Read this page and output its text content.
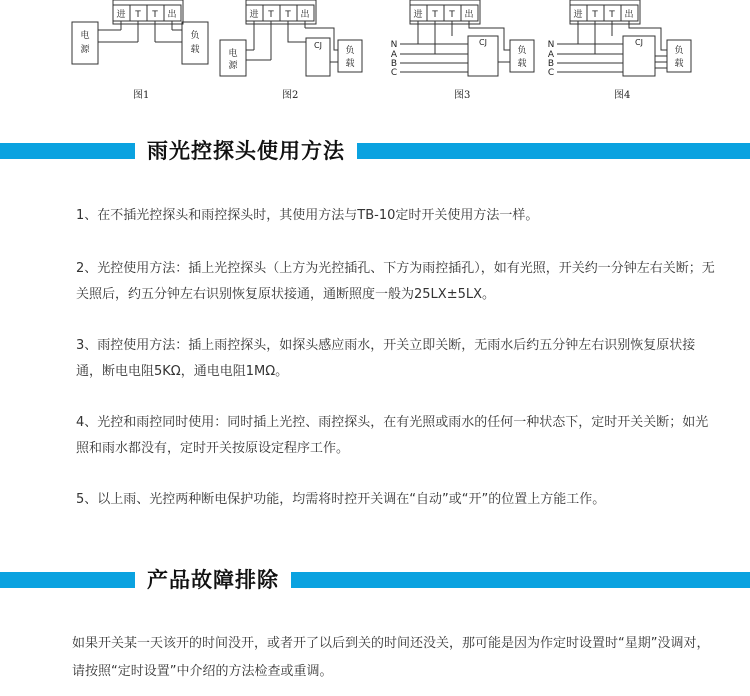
进 T T 出
电
源
负
载
图1
进 T T 出
电
源
CJ
负
载
图2
N
A
B
C
进 T T 出
CJ
负
载
图3
N
A
B
C
进 T T 出
CJ
负
载
图4
雨光控探头使用方法
1、在不插光控探头和雨控探头时，其使用方法与TB-10定时开关使用方法一样。
2、光控使用方法：插上光控探头（上方为光控插孔、下方为雨控插孔），如有光照，开关约一分钟左右关断；无关照后，约五分钟左右识别恢复原状接通，通断照度一般为25LX±5LX。
3、雨控使用方法：插上雨控探头，如探头感应雨水，开关立即关断，无雨水后约五分钟左右识别恢复原状接通，断电电阻5KΩ，通电电阻1MΩ。
4、光控和雨控同时使用：同时插上光控、雨控探头，在有光照或雨水的任何一种状态下，定时开关关断；如光照和雨水都没有，定时开关按原设定程序工作。
5、以上雨、光控两种断电保护功能，均需将时控开关调在“自动”或“开”的位置上方能工作。
产品故障排除
如果开关某一天该开的时间没开，或者开了以后到关的时间还没关，那可能是因为作定时设置时“星期”没调对，请按照“定时设置”中介绍的方法检查或重调。
